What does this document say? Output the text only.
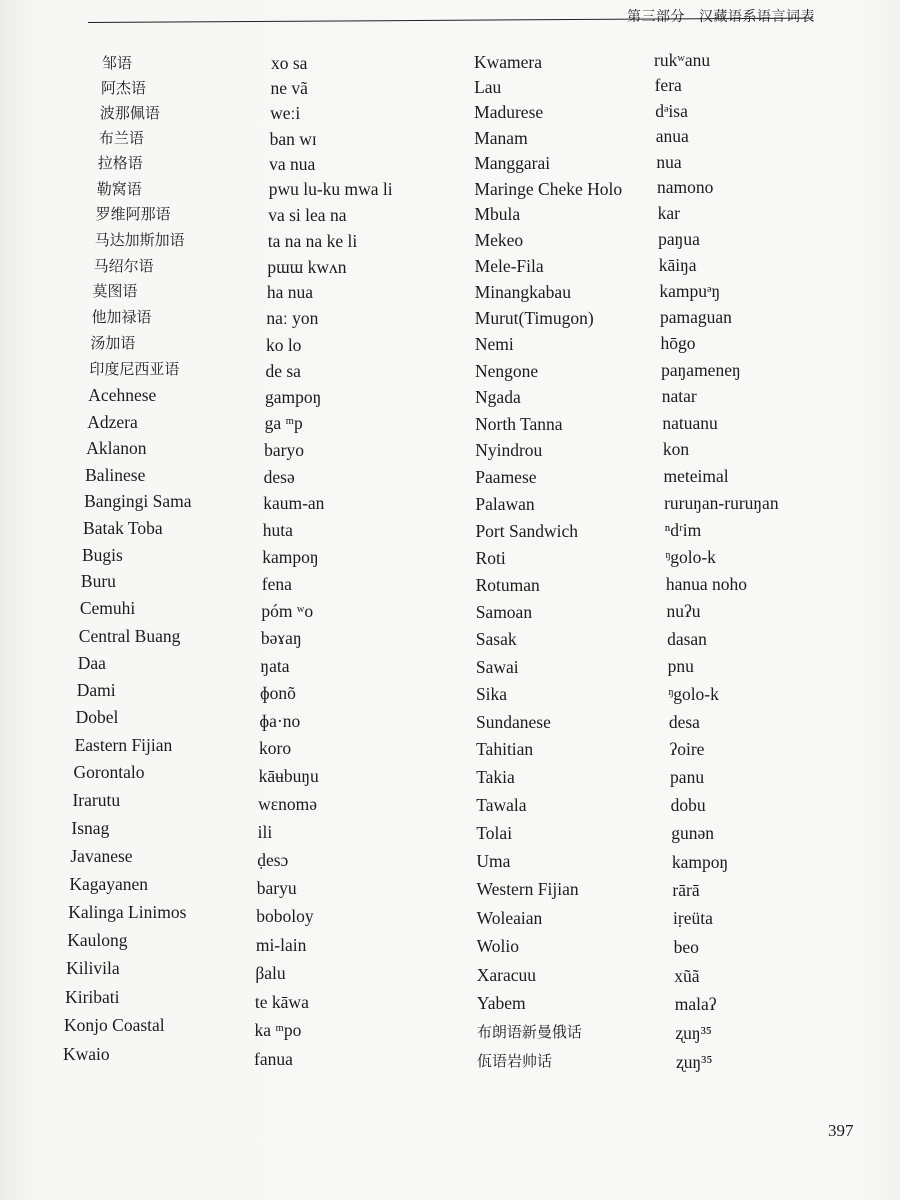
第三部分 汉藏语系语言词表
邹语
阿杰语
波那佩语
布兰语
拉格语
勒窝语
罗维阿那语
马达加斯加语
马绍尔语
莫图语
他加禄语
汤加语
印度尼西亚语
Acehnese
Adzera
Aklanon
Balinese
Bangingi Sama
Batak Toba
Bugis
Buru
Cemuhi
Central Buang
Daa
Dami
Dobel
Eastern Fijian
Gorontalo
Irarutu
Isnag
Javanese
Kagayanen
Kalinga Linimos
Kaulong
Kilivila
Kiribati
Konjo Coastal
Kwaio
xo sa
ne vã
weːi
ban wɪ
va nua
pwu lu-ku mwa li
va si lea na
ta na na ke li
pɯɯ kwʌn
ha nua
naː yon
ko lo
de sa
gampoŋ
ga ᵐp
baryo
desə
kaum-an
huta
kampoŋ
fena
póm ʷo
bəɤaŋ
ŋata
ɸonõ
ɸa·no
koro
kāʉbuŋu
wɛnomə
ili
ḍesɔ
baryu
boboloy
mi-lain
βalu
te kāwa
ka ᵐpo
fanua
Kwamera
Lau
Madurese
Manam
Manggarai
Maringe Cheke Holo
Mbula
Mekeo
Mele-Fila
Minangkabau
Murut(Timugon)
Nemi
Nengone
Ngada
North Tanna
Nyindrou
Paamese
Palawan
Port Sandwich
Roti
Rotuman
Samoan
Sasak
Sawai
Sika
Sundanese
Tahitian
Takia
Tawala
Tolai
Uma
Western Fijian
Woleaian
Wolio
Xaracuu
Yabem
布朗语新曼俄话
佤语岩帅话
rukʷanu
fera
dᵊisa
anua
nua
namono
kar
paŋua
kāiŋa
kampuᵊŋ
pamaguan
hōgo
paŋameneŋ
natar
natuanu
kon
meteimal
ruruŋan-ruruŋan
ⁿdʳim
ᵑgolo-k
hanua noho
nuʔu
dasan
pnu
ᵑgolo-k
desa
ʔoire
panu
dobu
gunən
kampoŋ
rārā
iṛeüta
beo
xũã
malaʔ
ʐuŋ³⁵
ʐuŋ³⁵
397
